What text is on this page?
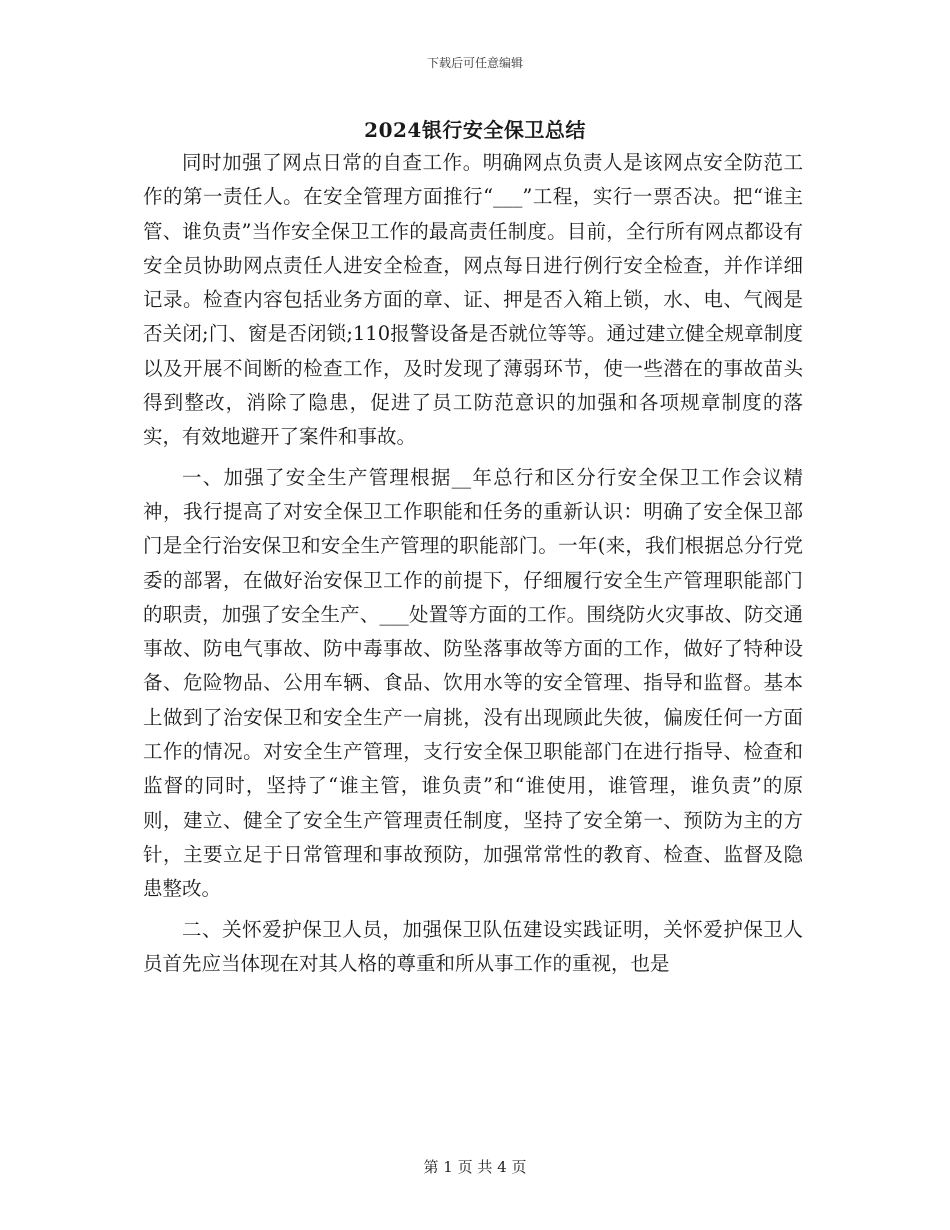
下载后可任意编辑
2024银行安全保卫总结

同时加强了网点日常的自查工作。明确网点负责人是该网点安全防范工作的第一责任人。在安全管理方面推行“___”工程，实行一票否决。把“谁主管、谁负责”当作安全保卫工作的最高责任制度。目前，全行所有网点都设有安全员协助网点责任人进安全检查，网点每日进行例行安全检查，并作详细记录。检查内容包括业务方面的章、证、押是否入箱上锁，水、电、气阀是否关闭;门、窗是否闭锁;110报警设备是否就位等等。通过建立健全规章制度以及开展不间断的检查工作，及时发现了薄弱环节，使一些潜在的事故苗头得到整改，消除了隐患，促进了员工防范意识的加强和各项规章制度的落实，有效地避开了案件和事故。

一、加强了安全生产管理根据__年总行和区分行安全保卫工作会议精神，我行提高了对安全保卫工作职能和任务的重新认识：明确了安全保卫部门是全行治安保卫和安全生产管理的职能部门。一年(来，我们根据总分行党委的部署，在做好治安保卫工作的前提下，仔细履行安全生产管理职能部门的职责，加强了安全生产、___处置等方面的工作。围绕防火灾事故、防交通事故、防电气事故、防中毒事故、防坠落事故等方面的工作，做好了特种设备、危险物品、公用车辆、食品、饮用水等的安全管理、指导和监督。基本上做到了治安保卫和安全生产一肩挑，没有出现顾此失彼，偏废任何一方面工作的情况。对安全生产管理，支行安全保卫职能部门在进行指导、检查和监督的同时，坚持了“谁主管，谁负责”和“谁使用，谁管理，谁负责”的原则，建立、健全了安全生产管理责任制度，坚持了安全第一、预防为主的方针，主要立足于日常管理和事故预防，加强常常性的教育、检查、监督及隐患整改。

二、关怀爱护保卫人员，加强保卫队伍建设实践证明，关怀爱护保卫人员首先应当体现在对其人格的尊重和所从事工作的重视，也是

第 1 页 共 4 页
